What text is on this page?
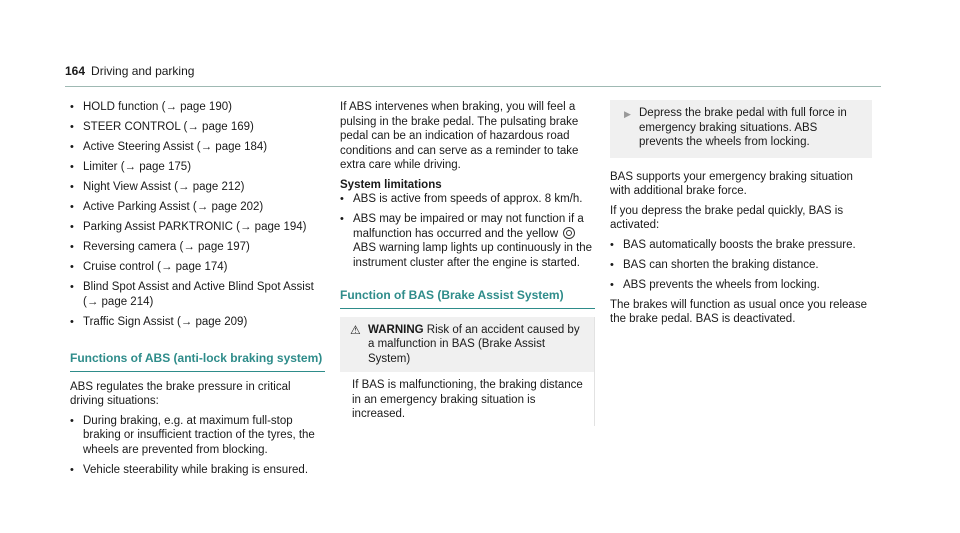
164 Driving and parking
• HOLD function (→ page 190)
• STEER CONTROL (→ page 169)
• Active Steering Assist (→ page 184)
• Limiter (→ page 175)
• Night View Assist (→ page 212)
• Active Parking Assist (→ page 202)
• Parking Assist PARKTRONIC (→ page 194)
• Reversing camera (→ page 197)
• Cruise control (→ page 174)
• Blind Spot Assist and Active Blind Spot Assist (→ page 214)
• Traffic Sign Assist (→ page 209)
Functions of ABS (anti-lock braking system)

ABS regulates the brake pressure in critical driving situations:

• During braking, e.g. at maximum full-stop braking or insufficient traction of the tyres, the wheels are prevented from blocking.
• Vehicle steerability while braking is ensured.

If ABS intervenes when braking, you will feel a pulsing in the brake pedal. The pulsating brake pedal can be an indication of hazardous road conditions and can serve as a reminder to take extra care while driving.

System limitations
• ABS is active from speeds of approx. 8 km/h.
• ABS may be impaired or may not function if a malfunction has occurred and the yellow  ABS warning lamp lights up continuously in the instrument cluster after the engine is started.
Function of BAS (Brake Assist System)
⚠ WARNING Risk of an accident caused by a malfunction in BAS (Brake Assist System)
If BAS is malfunctioning, the braking distance in an emergency braking situation is increased.
▶ Depress the brake pedal with full force in emergency braking situations. ABS prevents the wheels from locking.

BAS supports your emergency braking situation with additional brake force.

If you depress the brake pedal quickly, BAS is activated:

• BAS automatically boosts the brake pressure.
• BAS can shorten the braking distance.
• ABS prevents the wheels from locking.

The brakes will function as usual once you release the brake pedal. BAS is deactivated.
